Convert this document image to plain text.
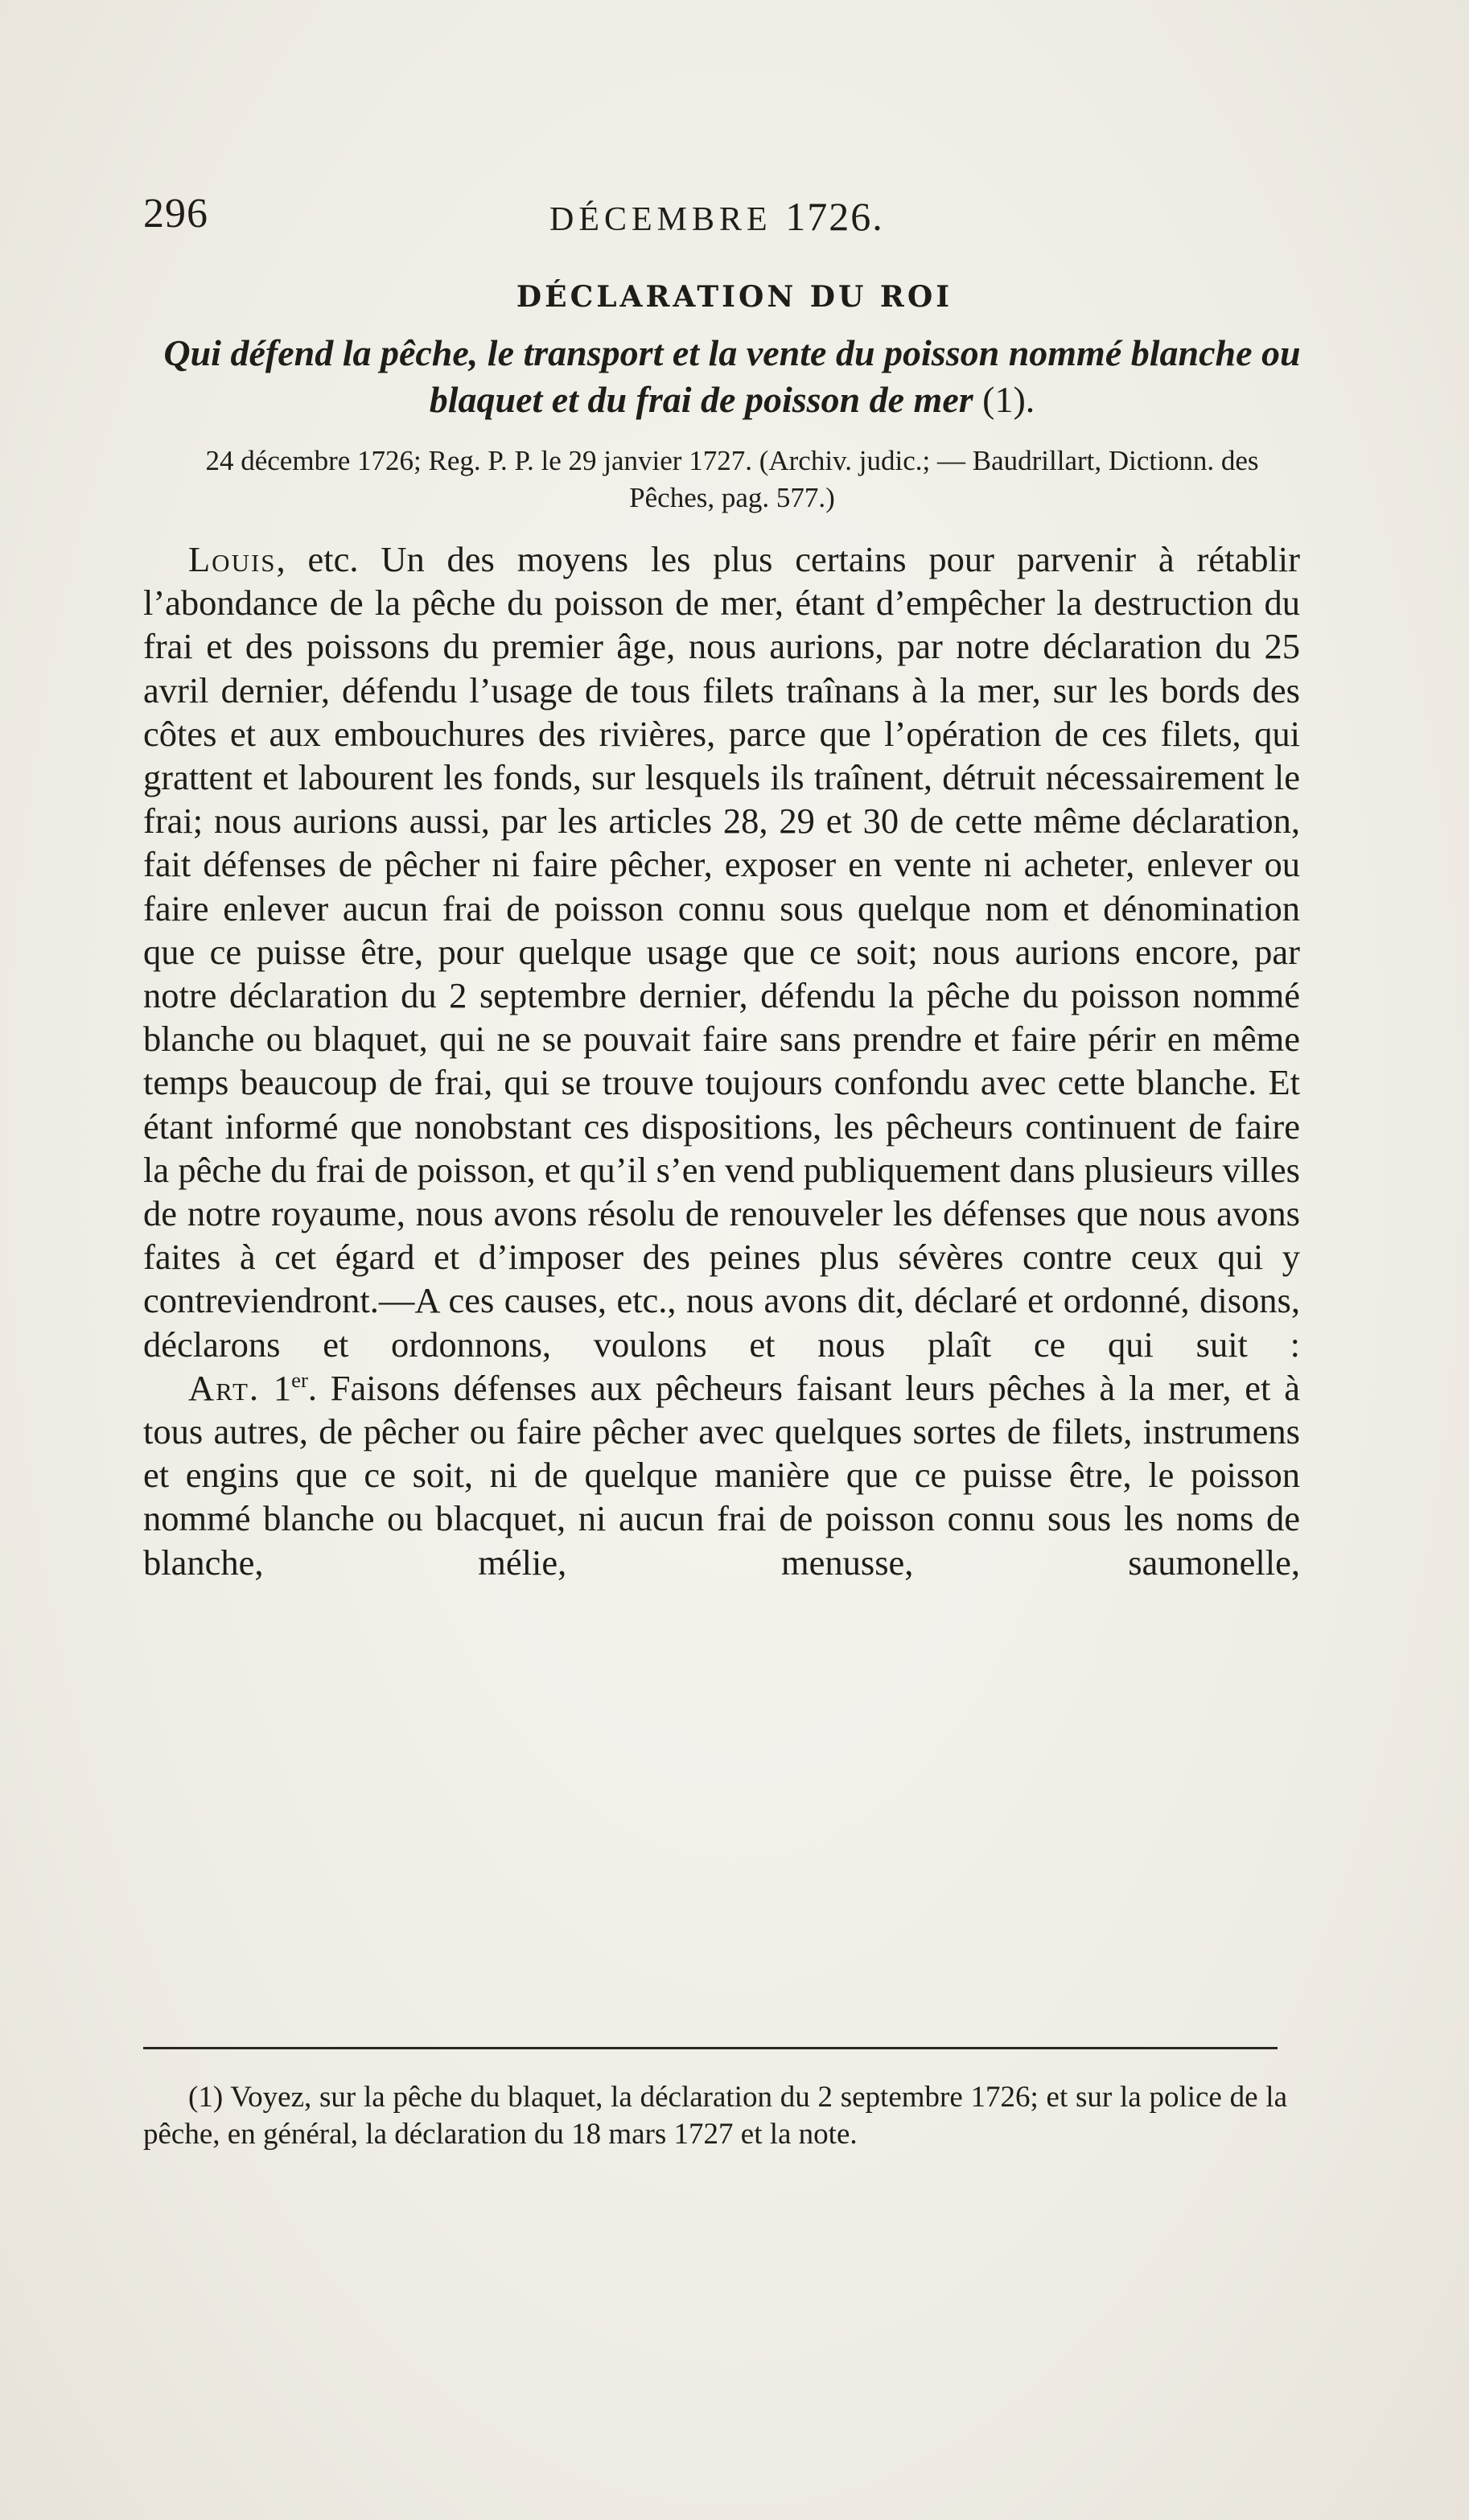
296	DÉCEMBRE 1726.
DÉCLARATION DU ROI

Qui défend la pêche, le transport et la vente du poisson nommé blanche ou blaquet et du frai de poisson de mer (1).

24 décembre 1726; Reg. P. P. le 29 janvier 1727. (Archiv. judic.; — Baudrillart, Dictionn. des Pêches, pag. 577.)

Louis, etc. Un des moyens les plus certains pour parvenir à rétablir l’abondance de la pêche du poisson de mer, étant d’empêcher la destruction du frai et des poissons du premier âge, nous aurions, par notre déclaration du 25 avril dernier, défendu l’usage de tous filets traînans à la mer, sur les bords des côtes et aux embouchures des rivières, parce que l’opération de ces filets, qui grattent et labourent les fonds, sur lesquels ils traînent, détruit nécessairement le frai; nous aurions aussi, par les articles 28, 29 et 30 de cette même déclaration, fait défenses de pêcher ni faire pêcher, exposer en vente ni acheter, enlever ou faire enlever aucun frai de poisson connu sous quelque nom et dénomination que ce puisse être, pour quelque usage que ce soit; nous aurions encore, par notre déclaration du 2 septembre dernier, défendu la pêche du poisson nommé blanche ou blaquet, qui ne se pouvait faire sans prendre et faire périr en même temps beaucoup de frai, qui se trouve toujours confondu avec cette blanche. Et étant informé que nonobstant ces dispositions, les pêcheurs continuent de faire la pêche du frai de poisson, et qu’il s’en vend publiquement dans plusieurs villes de notre royaume, nous avons résolu de renouveler les défenses que nous avons faites à cet égard et d’imposer des peines plus sévères contre ceux qui y contreviendront.—A ces causes, etc., nous avons dit, déclaré et ordonné, disons, déclarons et ordonnons, voulons et nous plaît ce qui suit :

Art. 1er. Faisons défenses aux pêcheurs faisant leurs pêches à la mer, et à tous autres, de pêcher ou faire pêcher avec quelques sortes de filets, instrumens et engins que ce soit, ni de quelque manière que ce puisse être, le poisson nommé blanche ou blacquet, ni aucun frai de poisson connu sous les noms de blanche, mélie, menusse, saumonelle,

(1) Voyez, sur la pêche du blaquet, la déclaration du 2 septembre 1726; et sur la police de la pêche, en général, la déclaration du 18 mars 1727 et la note.
